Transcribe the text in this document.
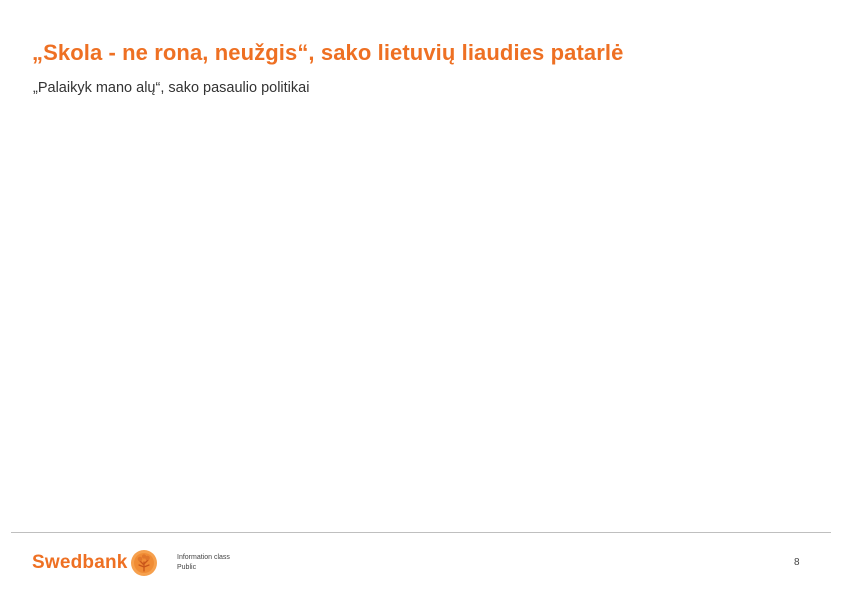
„Skola - ne rona, neužgis“, sako lietuvių liaudies patarlė
„Palaikyk mano alų“, sako pasaulio politikai
Swedbank	Information class
Public	8
